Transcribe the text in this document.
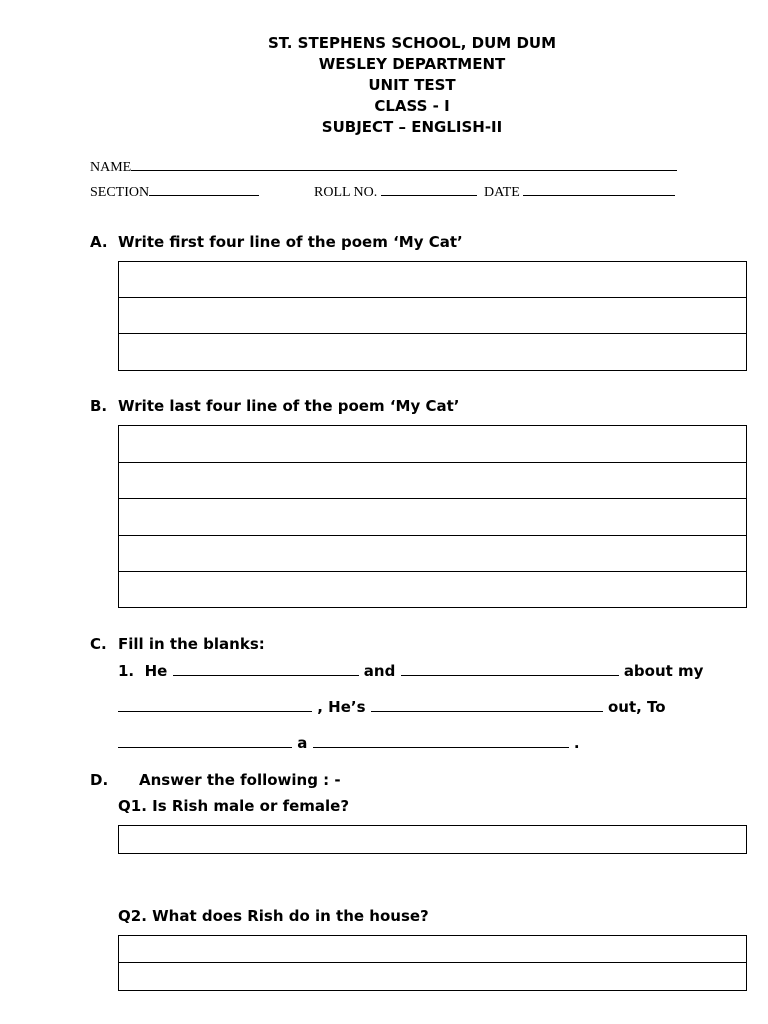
ST. STEPHENS SCHOOL, DUM DUM
WESLEY DEPARTMENT
UNIT TEST
CLASS - I
SUBJECT – ENGLISH-II
NAME
SECTION	ROLL NO.	DATE
A. Write first four line of the poem ‘My Cat’
B. Write last four line of the poem ‘My Cat’
C. Fill in the blanks:
1. He	and	about my
, He’s	out, To
a	.
D. Answer the following : -
Q1. Is Rish male or female?
Q2. What does Rish do in the house?
